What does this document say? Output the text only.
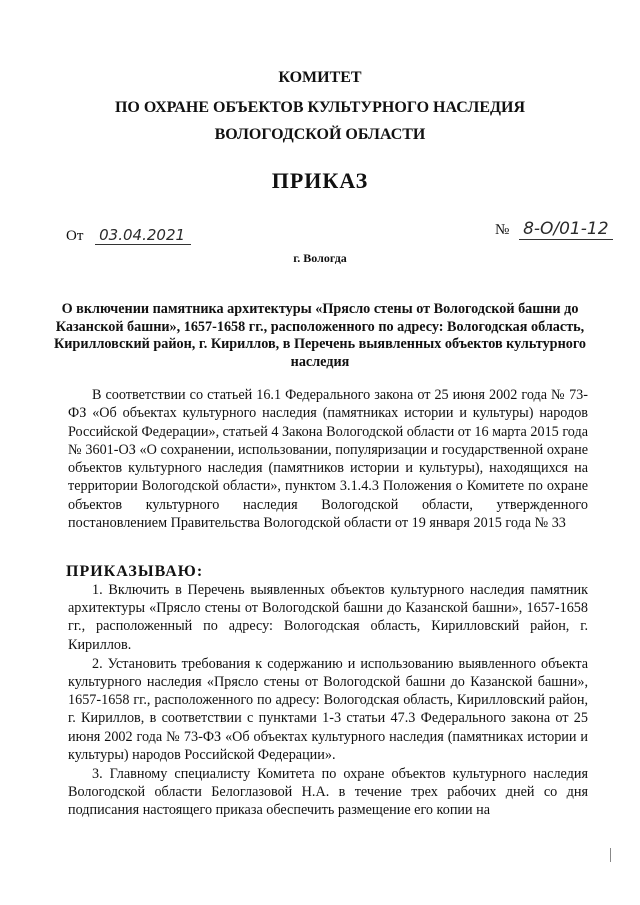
КОМИТЕТ
ПО ОХРАНЕ ОБЪЕКТОВ КУЛЬТУРНОГО НАСЛЕДИЯ
ВОЛОГОДСКОЙ ОБЛАСТИ
ПРИКАЗ
От 03.04.2021	№ 8-О/01-12
г. Вологда
О включении памятника архитектуры «Прясло стены от Вологодской башни до Казанской башни», 1657-1658 гг., расположенного по адресу: Вологодская область, Кирилловский район, г. Кириллов, в Перечень выявленных объектов культурного наследия
В соответствии со статьей 16.1 Федерального закона от 25 июня 2002 года № 73-ФЗ «Об объектах культурного наследия (памятниках истории и культуры) народов Российской Федерации», статьей 4 Закона Вологодской области от 16 марта 2015 года № 3601-ОЗ «О сохранении, использовании, популяризации и государственной охране объектов культурного наследия (памятников истории и культуры), находящихся на территории Вологодской области», пунктом 3.1.4.3 Положения о Комитете по охране объектов культурного наследия Вологодской области, утвержденного постановлением Правительства Вологодской области от 19 января 2015 года № 33
ПРИКАЗЫВАЮ:

1. Включить в Перечень выявленных объектов культурного наследия памятник архитектуры «Прясло стены от Вологодской башни до Казанской башни», 1657-1658 гг., расположенный по адресу: Вологодская область, Кирилловский район, г. Кириллов.

2. Установить требования к содержанию и использованию выявленного объекта культурного наследия «Прясло стены от Вологодской башни до Казанской башни», 1657-1658 гг., расположенного по адресу: Вологодская область, Кирилловский район, г. Кириллов, в соответствии с пунктами 1-3 статьи 47.3 Федерального закона от 25 июня 2002 года № 73-ФЗ «Об объектах культурного наследия (памятниках истории и культуры) народов Российской Федерации».

3. Главному специалисту Комитета по охране объектов культурного наследия Вологодской области Белоглазовой Н.А. в течение трех рабочих дней со дня подписания настоящего приказа обеспечить размещение его копии на
